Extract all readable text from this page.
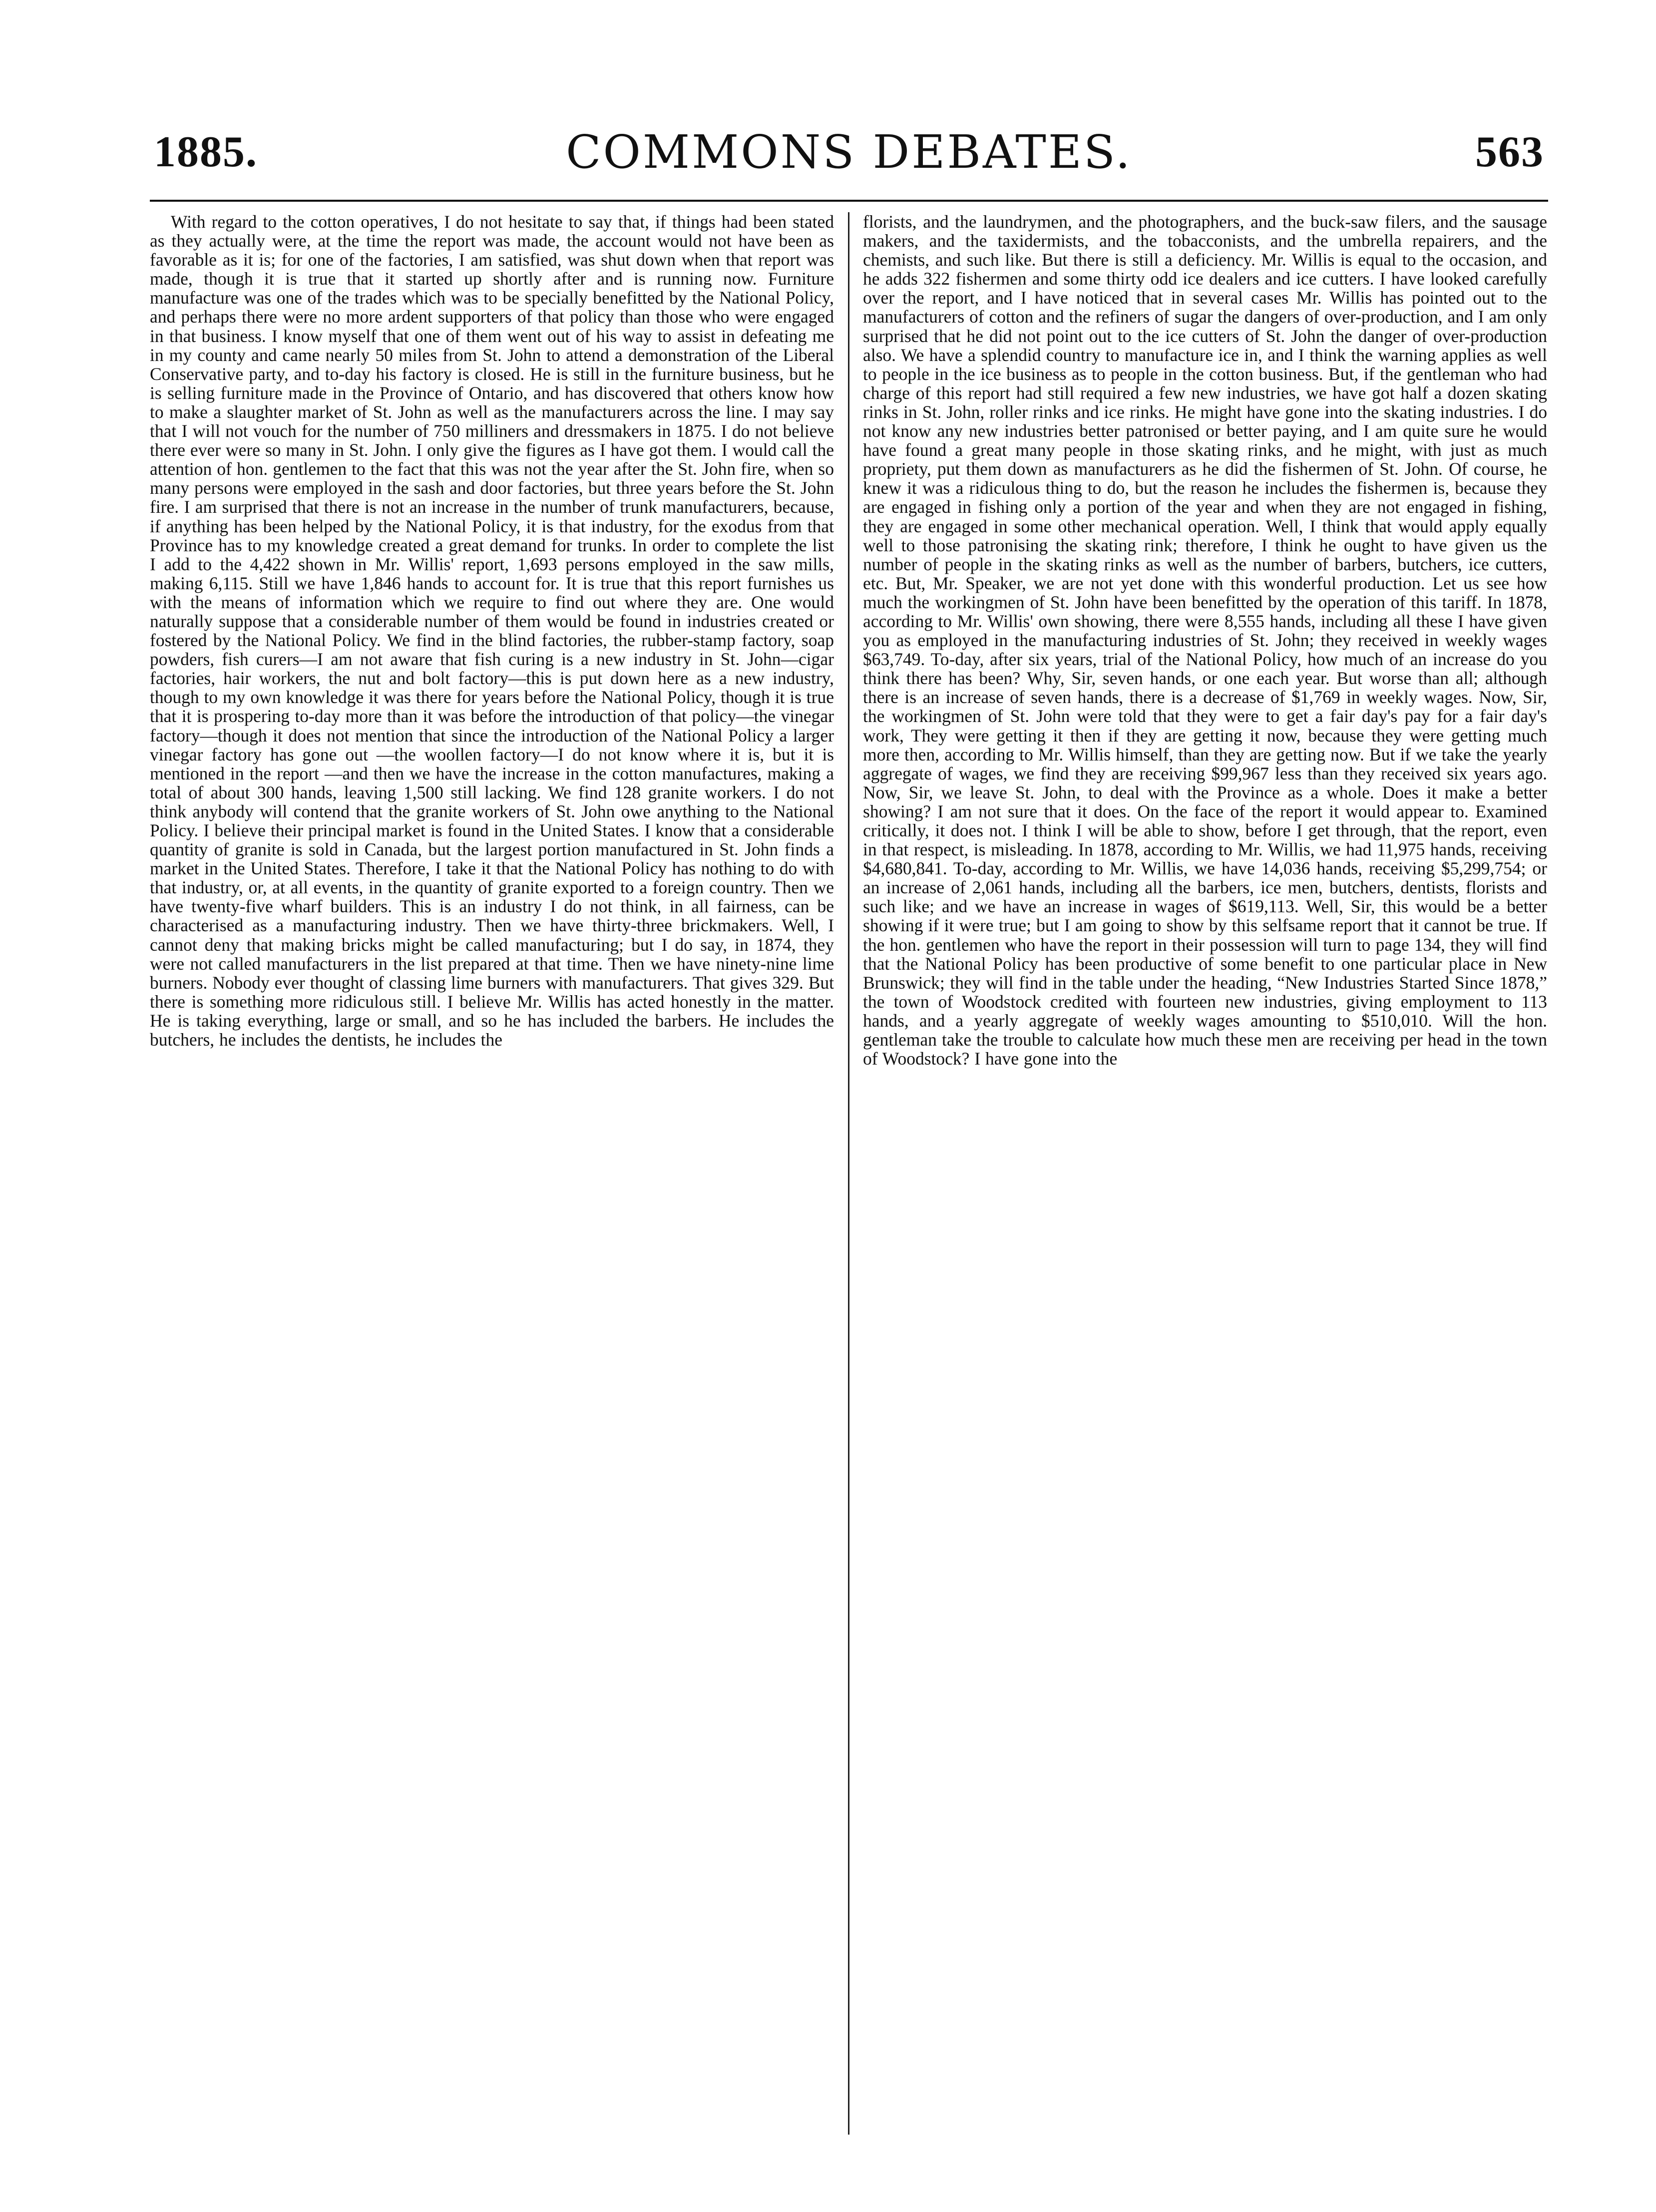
1885.	COMMONS DEBATES.	563

With regard to the cotton operatives, I do not hesitate to say that, if things had been stated as they actually were, at the time the report was made, the account would not have been as favorable as it is; for one of the factories, I am satisfied, was shut down when that report was made, though it is true that it started up shortly after and is running now. Furniture manufacture was one of the trades which was to be specially benefitted by the National Policy, and perhaps there were no more ardent supporters of that policy than those who were engaged in that business. I know myself that one of them went out of his way to assist in defeating me in my county and came nearly 50 miles from St. John to attend a demonstration of the Liberal Conservative party, and to-day his factory is closed. He is still in the furniture business, but he is selling furniture made in the Province of Ontario, and has discovered that others know how to make a slaughter market of St. John as well as the manufacturers across the line. I may say that I will not vouch for the number of 750 milliners and dressmakers in 1875. I do not believe there ever were so many in St. John. I only give the figures as I have got them. I would call the attention of hon. gentlemen to the fact that this was not the year after the St. John fire, when so many persons were employed in the sash and door factories, but three years before the St. John fire. I am surprised that there is not an increase in the number of trunk manufacturers, because, if anything has been helped by the National Policy, it is that industry, for the exodus from that Province has to my knowledge created a great demand for trunks. In order to complete the list I add to the 4,422 shown in Mr. Willis' report, 1,693 persons employed in the saw mills, making 6,115. Still we have 1,846 hands to account for. It is true that this report furnishes us with the means of information which we require to find out where they are. One would naturally suppose that a considerable number of them would be found in industries created or fostered by the National Policy. We find in the blind factories, the rubber-stamp factory, soap powders, fish curers—I am not aware that fish curing is a new industry in St. John—cigar factories, hair workers, the nut and bolt factory—this is put down here as a new industry, though to my own knowledge it was there for years before the National Policy, though it is true that it is prospering to-day more than it was before the introduction of that policy—the vinegar factory—though it does not mention that since the introduction of the National Policy a larger vinegar factory has gone out —the woollen factory—I do not know where it is, but it is mentioned in the report —and then we have the increase in the cotton manufactures, making a total of about 300 hands, leaving 1,500 still lacking. We find 128 granite workers. I do not think anybody will contend that the granite workers of St. John owe anything to the National Policy. I believe their principal market is found in the United States. I know that a considerable quantity of granite is sold in Canada, but the largest portion manufactured in St. John finds a market in the United States. Therefore, I take it that the National Policy has nothing to do with that industry, or, at all events, in the quantity of granite exported to a foreign country. Then we have twenty-five wharf builders. This is an industry I do not think, in all fairness, can be characterised as a manufacturing industry. Then we have thirty-three brickmakers. Well, I cannot deny that making bricks might be called manufacturing; but I do say, in 1874, they were not called manufacturers in the list prepared at that time. Then we have ninety-nine lime burners. Nobody ever thought of classing lime burners with manufacturers. That gives 329. But there is something more ridiculous still. I believe Mr. Willis has acted honestly in the matter. He is taking everything, large or small, and so he has included the barbers. He includes the butchers, he includes the dentists, he includes the

florists, and the laundrymen, and the photographers, and the buck-saw filers, and the sausage makers, and the taxidermists, and the tobacconists, and the umbrella repairers, and the chemists, and such like. But there is still a deficiency. Mr. Willis is equal to the occasion, and he adds 322 fishermen and some thirty odd ice dealers and ice cutters. I have looked carefully over the report, and I have noticed that in several cases Mr. Willis has pointed out to the manufacturers of cotton and the refiners of sugar the dangers of over-production, and I am only surprised that he did not point out to the ice cutters of St. John the danger of over-production also. We have a splendid country to manufacture ice in, and I think the warning applies as well to people in the ice business as to people in the cotton business. But, if the gentleman who had charge of this report had still required a few new industries, we have got half a dozen skating rinks in St. John, roller rinks and ice rinks. He might have gone into the skating industries. I do not know any new industries better patronised or better paying, and I am quite sure he would have found a great many people in those skating rinks, and he might, with just as much propriety, put them down as manufacturers as he did the fishermen of St. John. Of course, he knew it was a ridiculous thing to do, but the reason he includes the fishermen is, because they are engaged in fishing only a portion of the year and when they are not engaged in fishing, they are engaged in some other mechanical operation. Well, I think that would apply equally well to those patronising the skating rink; therefore, I think he ought to have given us the number of people in the skating rinks as well as the number of barbers, butchers, ice cutters, etc. But, Mr. Speaker, we are not yet done with this wonderful production. Let us see how much the workingmen of St. John have been benefitted by the operation of this tariff. In 1878, according to Mr. Willis' own showing, there were 8,555 hands, including all these I have given you as employed in the manufacturing industries of St. John; they received in weekly wages $63,749. To-day, after six years, trial of the National Policy, how much of an increase do you think there has been? Why, Sir, seven hands, or one each year. But worse than all; although there is an increase of seven hands, there is a decrease of $1,769 in weekly wages. Now, Sir, the workingmen of St. John were told that they were to get a fair day's pay for a fair day's work, They were getting it then if they are getting it now, because they were getting much more then, according to Mr. Willis himself, than they are getting now. But if we take the yearly aggregate of wages, we find they are receiving $99,967 less than they received six years ago. Now, Sir, we leave St. John, to deal with the Province as a whole. Does it make a better showing? I am not sure that it does. On the face of the report it would appear to. Examined critically, it does not. I think I will be able to show, before I get through, that the report, even in that respect, is misleading. In 1878, according to Mr. Willis, we had 11,975 hands, receiving $4,680,841. To-day, according to Mr. Willis, we have 14,036 hands, receiving $5,299,754; or an increase of 2,061 hands, including all the barbers, ice men, butchers, dentists, florists and such like; and we have an increase in wages of $619,113. Well, Sir, this would be a better showing if it were true; but I am going to show by this selfsame report that it cannot be true. If the hon. gentlemen who have the report in their possession will turn to page 134, they will find that the National Policy has been productive of some benefit to one particular place in New Brunswick; they will find in the table under the heading, “New Industries Started Since 1878,” the town of Woodstock credited with fourteen new industries, giving employment to 113 hands, and a yearly aggregate of weekly wages amounting to $510,010. Will the hon. gentleman take the trouble to calculate how much these men are receiving per head in the town of Woodstock? I have gone into the
